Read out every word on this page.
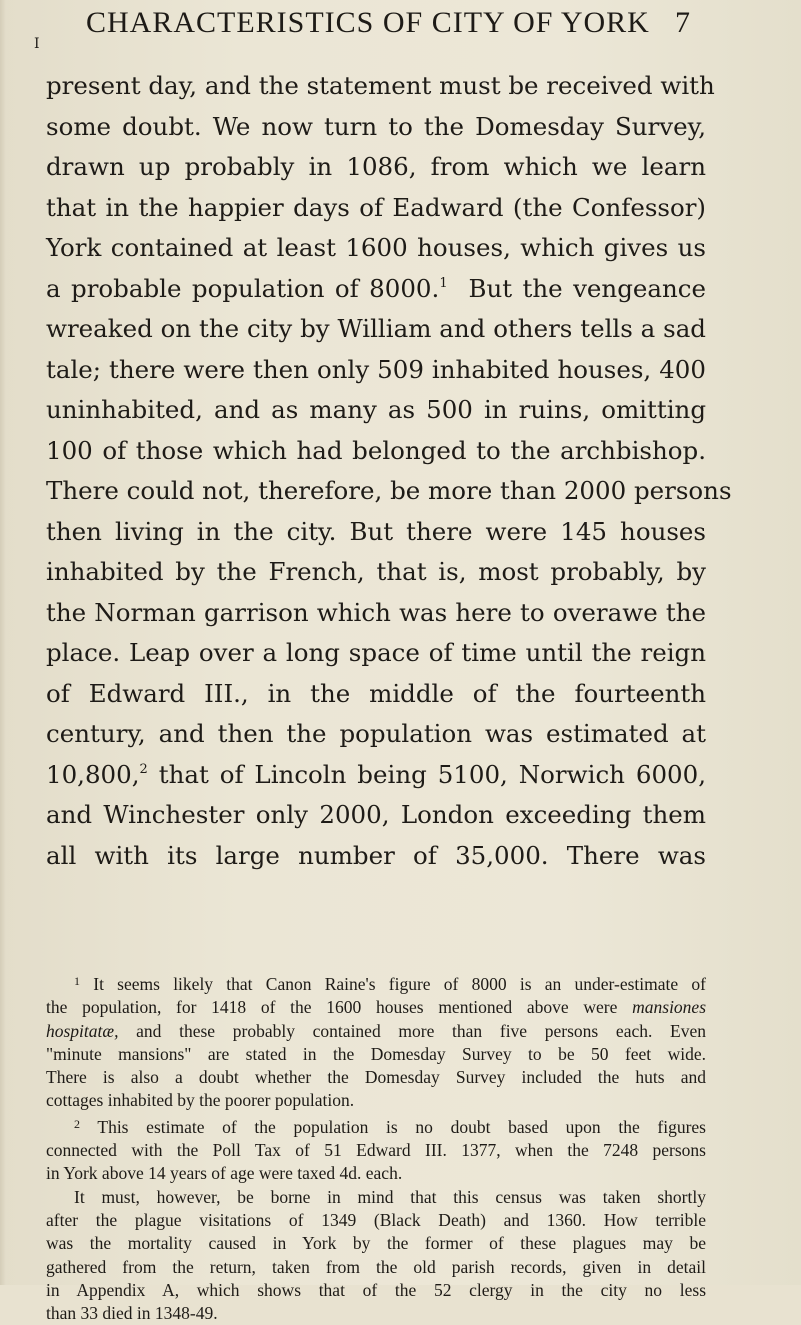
I
CHARACTERISTICS OF CITY OF YORK 7
present day, and the statement must be received with
some doubt. We now turn to the Domesday Survey,
drawn up probably in 1086, from which we learn
that in the happier days of Eadward (the Confessor)
York contained at least 1600 houses, which gives us
a probable population of 8000.$^1$ But the vengeance
wreaked on the city by William and others tells a sad
tale; there were then only 509 inhabited houses, 400
uninhabited, and as many as 500 in ruins, omitting
100 of those which had belonged to the archbishop.
There could not, therefore, be more than 2000 persons
then living in the city. But there were 145 houses
inhabited by the French, that is, most probably, by
the Norman garrison which was here to overawe the
place. Leap over a long space of time until the reign
of Edward III., in the middle of the fourteenth
century, and then the population was estimated at
10,800,$^2$ that of Lincoln being 5100, Norwich 6000,
and Winchester only 2000, London exceeding them
all with its large number of 35,000. There was
$^1$ It seems likely that Canon Raine's figure of 8000 is an under-estimate of
the population, for 1418 of the 1600 houses mentioned above were mansiones
hospitatæ, and these probably contained more than five persons each. Even
"minute mansions" are stated in the Domesday Survey to be 50 feet wide.
There is also a doubt whether the Domesday Survey included the huts and
cottages inhabited by the poorer population.
$^2$ This estimate of the population is no doubt based upon the figures
connected with the Poll Tax of 51 Edward III. 1377, when the 7248 persons
in York above 14 years of age were taxed 4d. each.
It must, however, be borne in mind that this census was taken shortly
after the plague visitations of 1349 (Black Death) and 1360. How terrible
was the mortality caused in York by the former of these plagues may be
gathered from the return, taken from the old parish records, given in detail
in Appendix A, which shows that of the 52 clergy in the city no less
than 33 died in 1348-49.
